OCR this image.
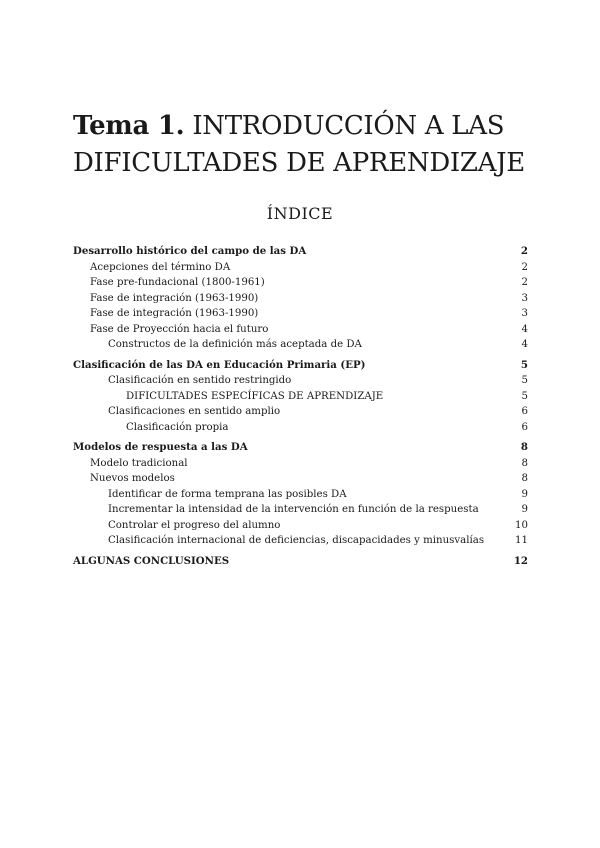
Tema 1. INTRODUCCIÓN A LAS
DIFICULTADES DE APRENDIZAJE
ÍNDICE
Desarrollo histórico del campo de las DA	2
Acepciones del término DA	2
Fase pre-fundacional (1800-1961)	2
Fase de integración (1963-1990)	3
Fase de integración (1963-1990)	3
Fase de Proyección hacia el futuro	4
Constructos de la definición más aceptada de DA	4
Clasificación de las DA en Educación Primaria (EP)	5
Clasificación en sentido restringido	5
DIFICULTADES ESPECÍFICAS DE APRENDIZAJE	5
Clasificaciones en sentido amplio	6
Clasificación propia	6
Modelos de respuesta a las DA	8
Modelo tradicional	8
Nuevos modelos	8
Identificar de forma temprana las posibles DA	9
Incrementar la intensidad de la intervención en función de la respuesta	9
Controlar el progreso del alumno	10
Clasificación internacional de deficiencias, discapacidades y minusvalías	11
ALGUNAS CONCLUSIONES	12
